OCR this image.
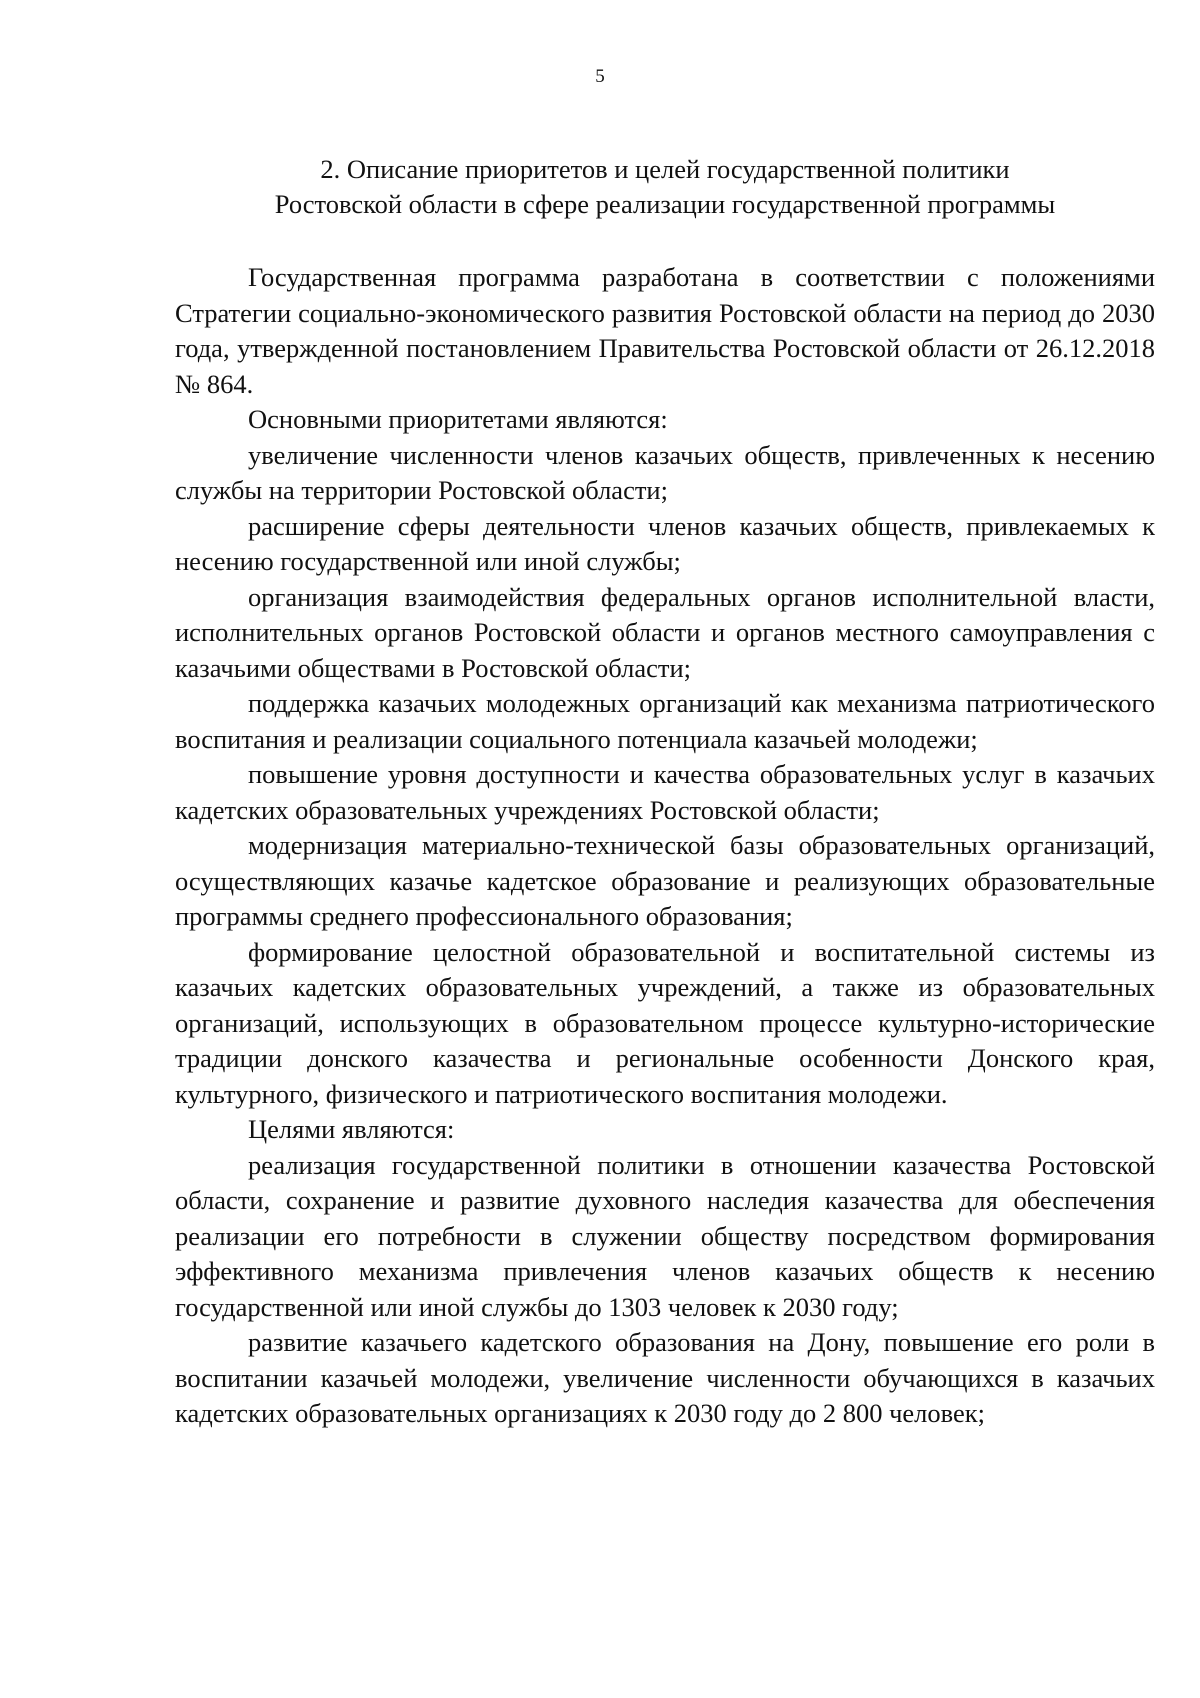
5
2. Описание приоритетов и целей государственной политики
Ростовской области в сфере реализации государственной программы

Государственная программа разработана в соответствии с положениями Стратегии социально-экономического развития Ростовской области на период до 2030 года, утвержденной постановлением Правительства Ростовской области от 26.12.2018 № 864.

Основными приоритетами являются:

увеличение численности членов казачьих обществ, привлеченных к несению службы на территории Ростовской области;

расширение сферы деятельности членов казачьих обществ, привлекаемых к несению государственной или иной службы;

организация взаимодействия федеральных органов исполнительной власти, исполнительных органов Ростовской области и органов местного самоуправления с казачьими обществами в Ростовской области;

поддержка казачьих молодежных организаций как механизма патриотического воспитания и реализации социального потенциала казачьей молодежи;

повышение уровня доступности и качества образовательных услуг в казачьих кадетских образовательных учреждениях Ростовской области;

модернизация материально-технической базы образовательных организаций, осуществляющих казачье кадетское образование и реализующих образовательные программы среднего профессионального образования;

формирование целостной образовательной и воспитательной системы из казачьих кадетских образовательных учреждений, а также из образовательных организаций, использующих в образовательном процессе культурно-исторические традиции донского казачества и региональные особенности Донского края, культурного, физического и патриотического воспитания молодежи.

Целями являются:

реализация государственной политики в отношении казачества Ростовской области, сохранение и развитие духовного наследия казачества для обеспечения реализации его потребности в служении обществу посредством формирования эффективного механизма привлечения членов казачьих обществ к несению государственной или иной службы до 1303 человек к 2030 году;

развитие казачьего кадетского образования на Дону, повышение его роли в воспитании казачьей молодежи, увеличение численности обучающихся в казачьих кадетских образовательных организациях к 2030 году до 2 800 человек;
